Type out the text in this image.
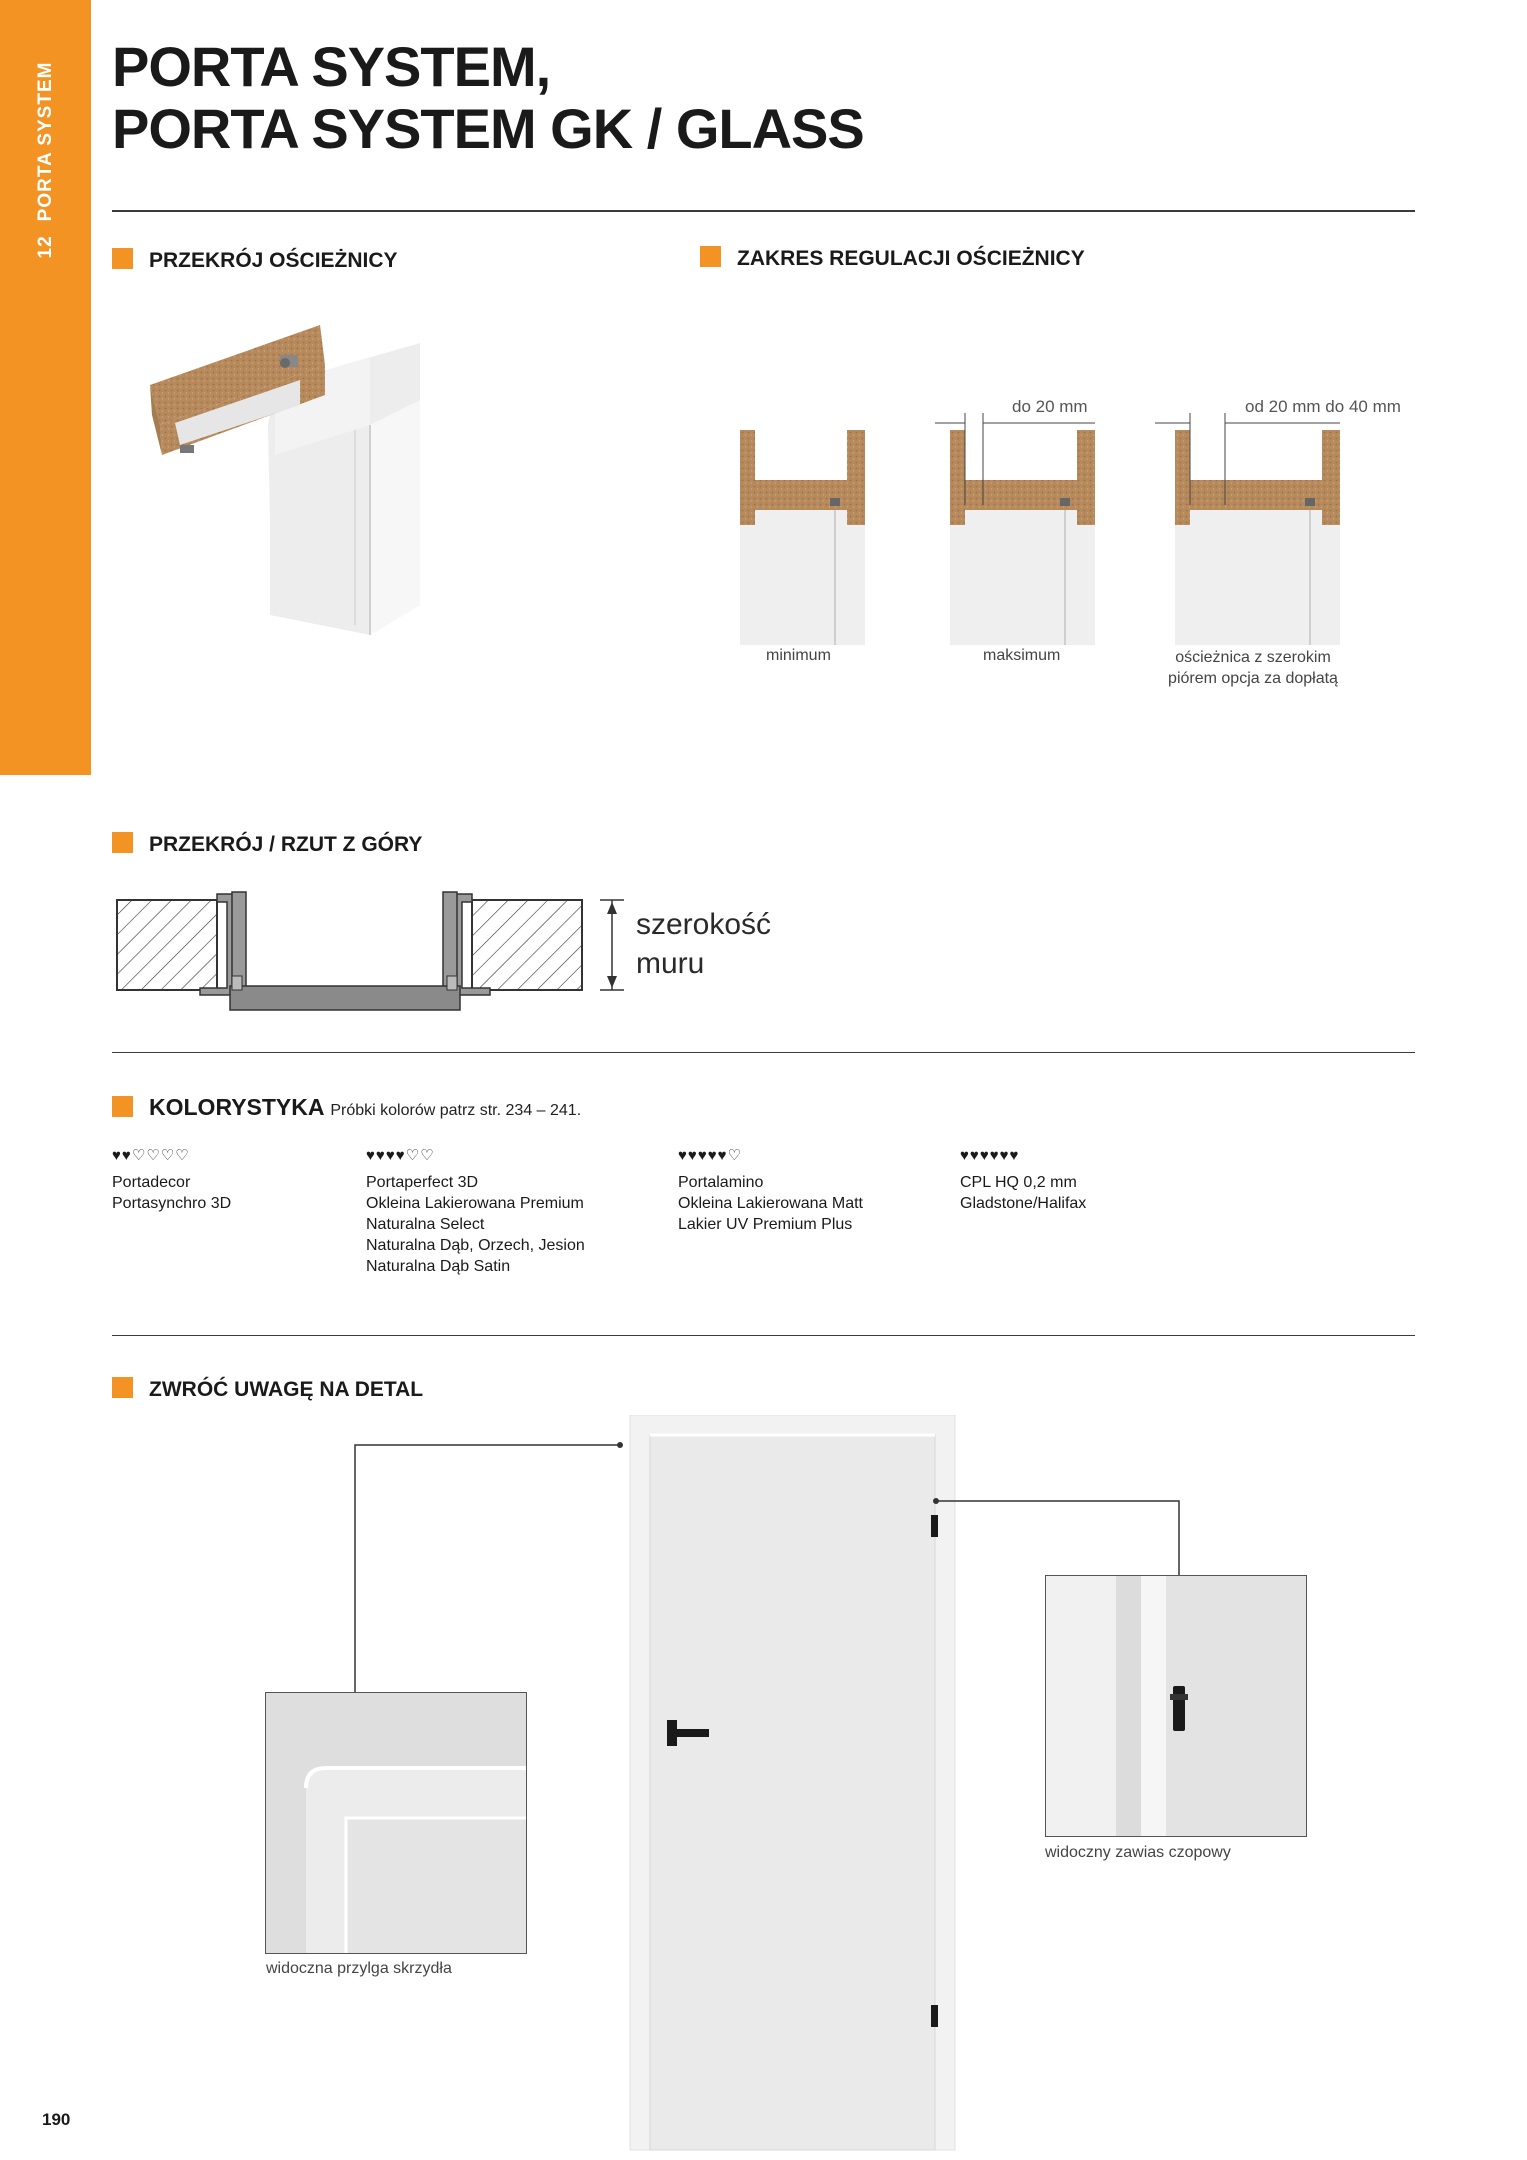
12PORTA SYSTEM PORTA SYSTEM,
PORTA SYSTEM GK / GLASS
PRZEKRÓJ OŚCIEŻNICY	ZAKRES REGULACJI OŚCIEŻNICY
do 20 mm	od 20 mm do 40 mm
minimum	maksimum	ościeżnica z szerokim
piórem opcja za dopłatą
PRZEKRÓJ / RZUT Z GÓRY
szerokość
muru
KOLORYSTYKA Próbki kolorów patrz str. 234 – 241.
♥♥♡♡♡♡
Portadecor
Portasynchro 3D
♥♥♥♥♡♡
Portaperfect 3D
Okleina Lakierowana Premium
Naturalna Select
Naturalna Dąb, Orzech, Jesion
Naturalna Dąb Satin
♥♥♥♥♥♡
Portalamino
Okleina Lakierowana Matt
Lakier UV Premium Plus
♥♥♥♥♥♥
CPL HQ 0,2 mm
Gladstone/Halifax
ZWRÓĆ UWAGĘ NA DETAL
widoczna przylga skrzydła
widoczny zawias czopowy
190
